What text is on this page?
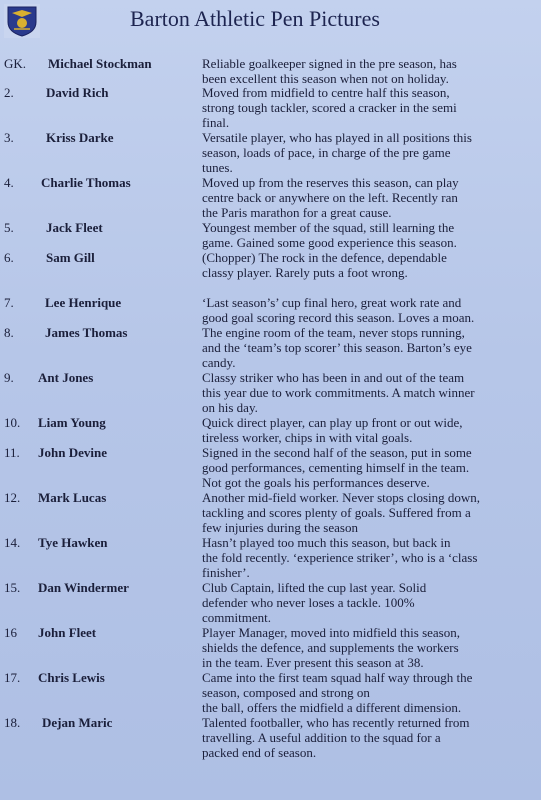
Barton Athletic Pen Pictures
GK. Michael Stockman	Reliable goalkeeper signed in the pre season, has
been excellent this season when not on holiday.
2. David Rich	Moved from midfield to centre half this season,
strong tough tackler, scored a cracker in the semi
final.
3. Kriss Darke	Versatile player, who has played in all positions this
season, loads of pace, in charge of the pre game
tunes.
4. Charlie Thomas	Moved up from the reserves this season, can play
centre back or anywhere on the left. Recently ran
the Paris marathon for a great cause.
5. Jack Fleet	Youngest member of the squad, still learning the
game. Gained some good experience this season.
6. Sam Gill	(Chopper) The rock in the defence, dependable
classy player. Rarely puts a foot wrong.
7. Lee Henrique	‘Last season’s’ cup final hero, great work rate and
good goal scoring record this season. Loves a moan.
8. James Thomas	The engine room of the team, never stops running,
and the ‘team’s top scorer’ this season. Barton’s eye
candy.
9. Ant Jones	Classy striker who has been in and out of the team
this year due to work commitments. A match winner
on his day.
10. Liam Young	Quick direct player, can play up front or out wide,
tireless worker, chips in with vital goals.
11. John Devine	Signed in the second half of the season, put in some
good performances, cementing himself in the team.
Not got the goals his performances deserve.
12. Mark Lucas	Another mid-field worker. Never stops closing down,
tackling and scores plenty of goals. Suffered from a
few injuries during the season
14. Tye Hawken	Hasn’t played too much this season, but back in
the fold recently. ‘experience striker’, who is a ‘class
finisher’.
15. Dan Windermer	Club Captain, lifted the cup last year. Solid
defender who never loses a tackle. 100%
commitment.
16 John Fleet	Player Manager, moved into midfield this season,
shields the defence, and supplements the workers
in the team. Ever present this season at 38.
17. Chris Lewis	Came into the first team squad half way through the
season, composed and strong on
the ball, offers the midfield a different dimension.
18. Dejan Maric	Talented footballer, who has recently returned from
travelling. A useful addition to the squad for a
packed end of season.
